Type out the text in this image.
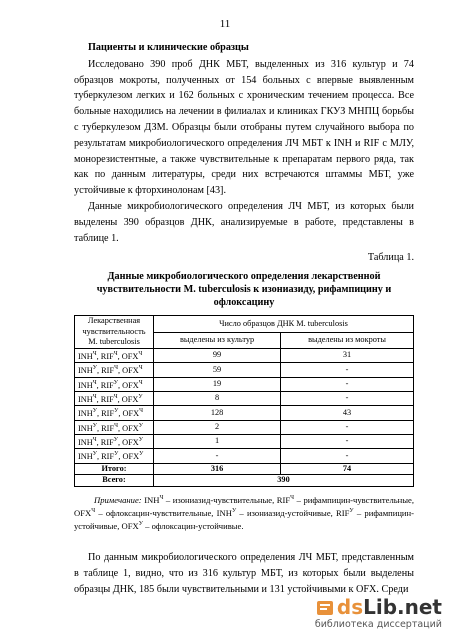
11
Пациенты и клинические образцы

Исследовано 390 проб ДНК МБТ, выделенных из 316 культур и 74 образцов мокроты, полученных от 154 больных с впервые выявленным туберкулезом легких и 162 больных с хроническим течением процесса. Все больные находились на лечении в филиалах и клиниках ГКУЗ МНПЦ борьбы с туберкулезом ДЗМ. Образцы были отобраны путем случайного выбора по результатам микробиологического определения ЛЧ МБТ к INH и RIF с МЛУ, монорезистентные, а также чувствительные к препаратам первого ряда, так как по данным литературы, среди них встречаются штаммы МБТ, уже устойчивые к фторхинолонам [43].

Данные микробиологического определения ЛЧ МБТ, из которых были выделены 390 образцов ДНК, анализируемые в работе, представлены в таблице 1.

Таблица 1.
Данные микробиологического определения лекарственной чувствительности M. tuberculosis к изониазиду, рифампицину и офлоксацину
Лекарственная чувствительность M. tuberculosis	Число образцов ДНК M. tuberculosis	
	выделены из культур	выделены из мокроты
$INH^Ч$, $RIF^Ч$, $OFX^Ч$	99	31
$INH^У$, $RIF^Ч$, $OFX^Ч$	59	-
$INH^Ч$, $RIF^У$, $OFX^Ч$	19	-
$INH^Ч$, $RIF^Ч$, $OFX^У$	8	-
$INH^У$, $RIF^У$, $OFX^Ч$	128	43
$INH^У$, $RIF^Ч$, $OFX^У$	2	-
$INH^Ч$, $RIF^У$, $OFX^У$	1	-
$INH^У$, $RIF^У$, $OFX^У$	-	-
Итого:	316	74
Всего:	390	
Примечание: $INH^Ч$ – изониазид-чувствительные, $RIF^Ч$ – рифампицин-чувствительные, $OFX^Ч$ – офлоксацин-чувствительные, $INH^У$ – изониазид-устойчивые, $RIF^У$ – рифампицин-устойчивые, $OFX^У$ – офлоксацин-устойчивые.

По данным микробиологического определения ЛЧ МБТ, представленным в таблице 1, видно, что из 316 культур МБТ, из которых были выделены образцы ДНК, 185 были чувствительными и 131 устойчивыми к OFX. Среди

dsLib.net
библиотека диссертаций
